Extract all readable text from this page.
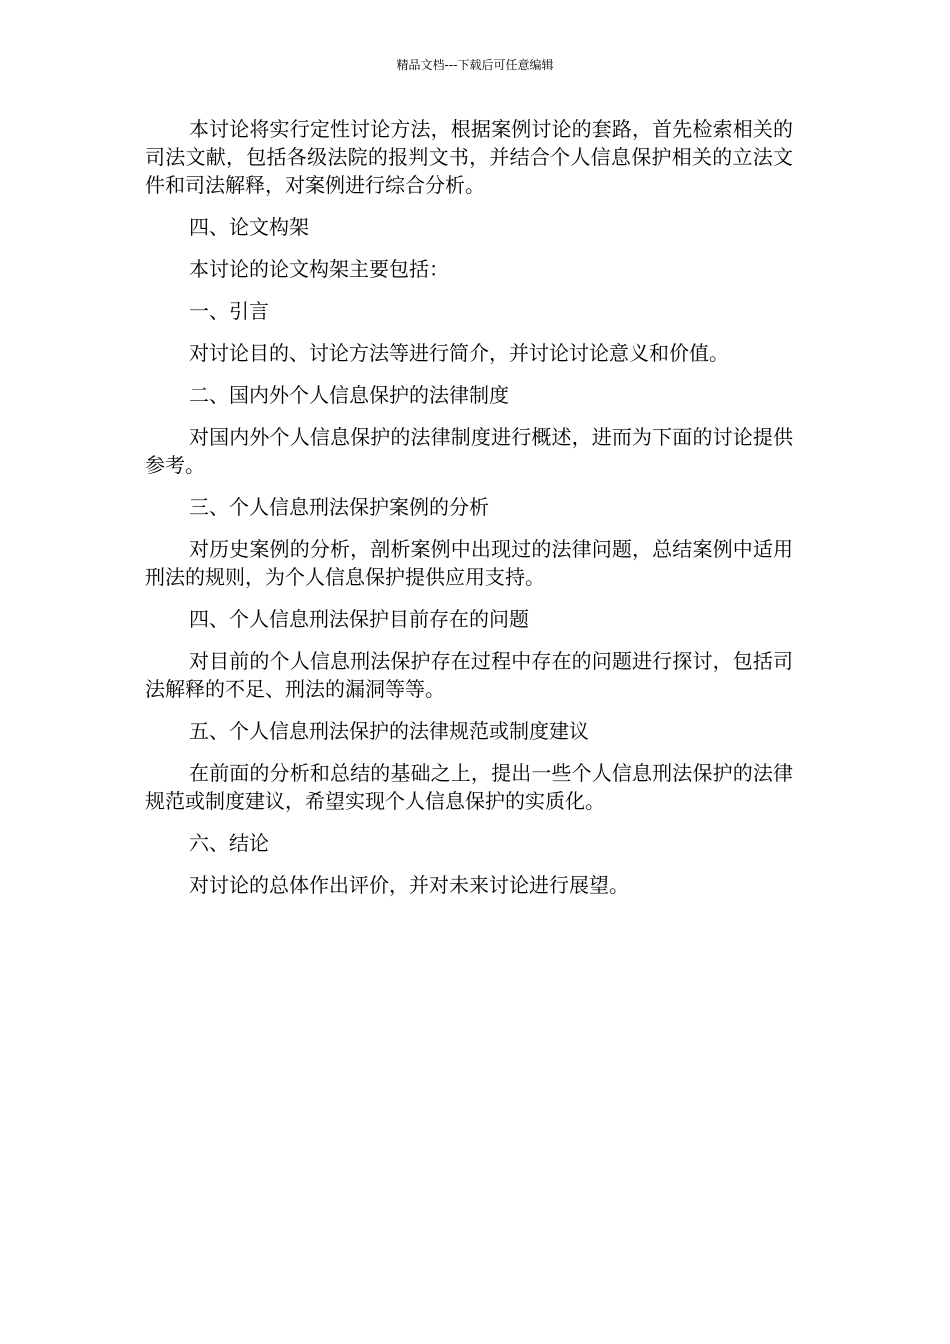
精品文档---下载后可任意编辑

本讨论将实行定性讨论方法，根据案例讨论的套路，首先检索相关的司法文献，包括各级法院的报判文书，并结合个人信息保护相关的立法文件和司法解释，对案例进行综合分析。

四、论文构架

本讨论的论文构架主要包括：

一、引言

对讨论目的、讨论方法等进行简介，并讨论讨论意义和价值。

二、国内外个人信息保护的法律制度

对国内外个人信息保护的法律制度进行概述，进而为下面的讨论提供参考。

三、个人信息刑法保护案例的分析

对历史案例的分析，剖析案例中出现过的法律问题，总结案例中适用刑法的规则，为个人信息保护提供应用支持。

四、个人信息刑法保护目前存在的问题

对目前的个人信息刑法保护存在过程中存在的问题进行探讨，包括司法解释的不足、刑法的漏洞等等。

五、个人信息刑法保护的法律规范或制度建议

在前面的分析和总结的基础之上，提出一些个人信息刑法保护的法律规范或制度建议，希望实现个人信息保护的实质化。

六、结论

对讨论的总体作出评价，并对未来讨论进行展望。
